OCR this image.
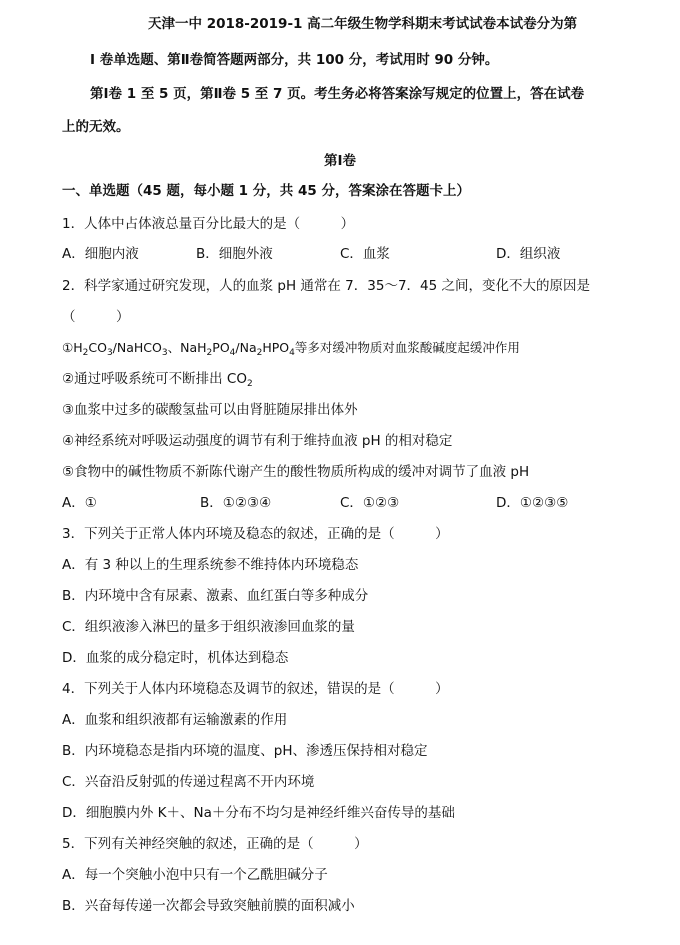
天津一中 2018-2019-1 高二年级生物学科期末考试试卷本试卷分为第
Ⅰ 卷单选题、第Ⅱ卷简答题两部分，共 100 分，考试用时 90 分钟。
第Ⅰ卷 1 至 5 页，第Ⅱ卷 5 至 7 页。考生务必将答案涂写规定的位置上，答在试卷
上的无效。
第Ⅰ卷
一、单选题（45 题，每小题 1 分，共 45 分，答案涂在答题卡上）
1．人体中占体液总量百分比最大的是（　　　）
A．细胞内液	B．细胞外液	C．血浆	D．组织液
2．科学家通过研究发现，人的血浆 pH 通常在 7．35～7．45 之间，变化不大的原因是
（　　　）
$①H_2CO_3/NaHCO_3$、$NaH_2PO_4/Na_2HPO_4$等多对缓冲物质对血浆酸碱度起缓冲作用
②通过呼吸系统可不断排出 $CO_2$
③血浆中过多的碳酸氢盐可以由肾脏随尿排出体外
④神经系统对呼吸运动强度的调节有利于维持血液 pH 的相对稳定
⑤食物中的碱性物质不新陈代谢产生的酸性物质所构成的缓冲对调节了血液 pH
A．①	B．①②③④	C．①②③	D．①②③⑤
3．下列关于正常人体内环境及稳态的叙述，正确的是（　　　）
A．有 3 种以上的生理系统参不维持体内环境稳态
B．内环境中含有尿素、激素、血红蛋白等多种成分
C．组织液渗入淋巴的量多于组织液渗回血浆的量
D．血浆的成分稳定时，机体达到稳态
4．下列关于人体内环境稳态及调节的叙述，错误的是（　　　）
A．血浆和组织液都有运输激素的作用
B．内环境稳态是指内环境的温度、pH、渗透压保持相对稳定
C．兴奋沿反射弧的传递过程离不开内环境
D．细胞膜内外 K＋、Na＋分布不均匀是神经纤维兴奋传导的基础
5．下列有关神经突触的叙述，正确的是（　　　）
A．每一个突触小泡中只有一个乙酰胆碱分子
B．兴奋每传递一次都会导致突触前膜的面积减小
